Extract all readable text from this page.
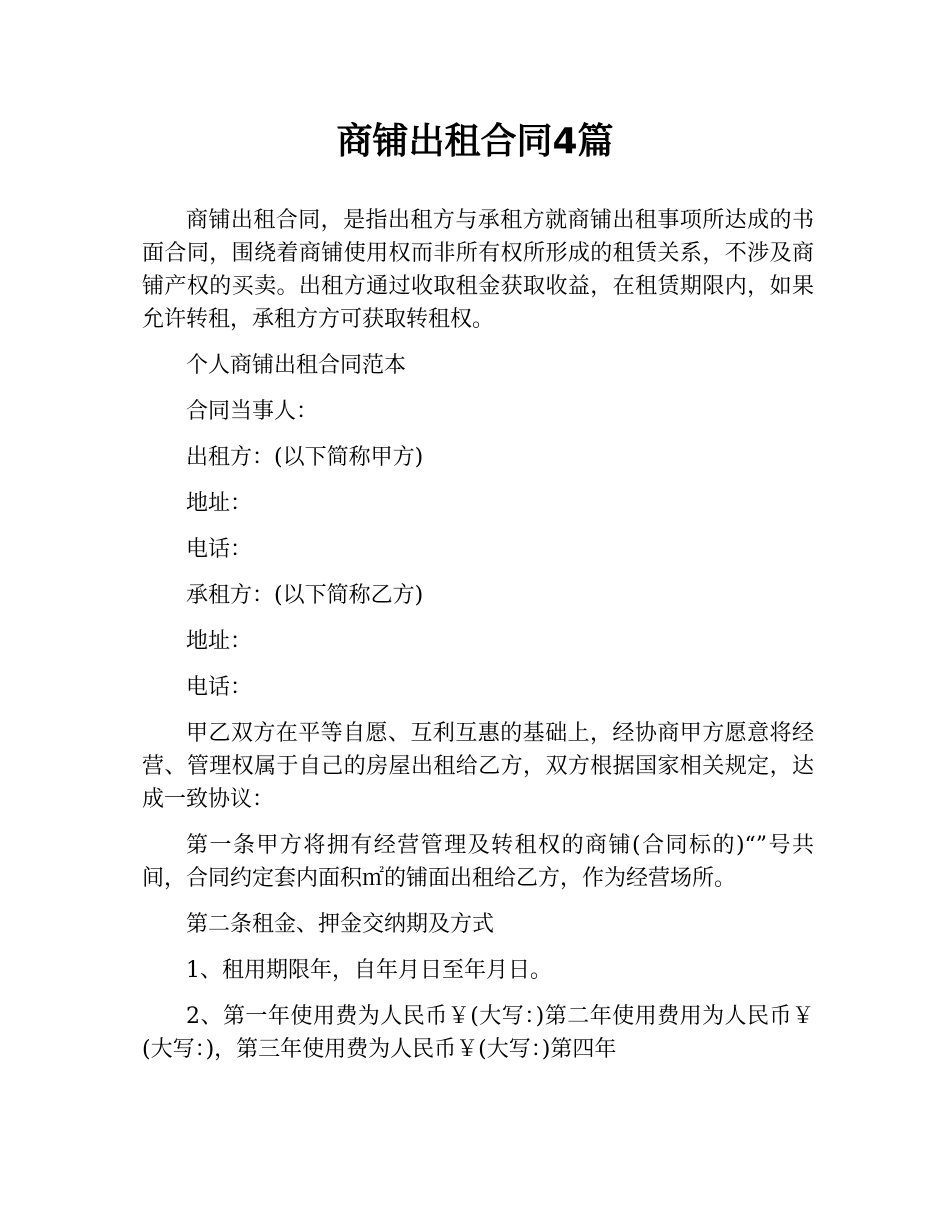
商铺出租合同4篇

商铺出租合同，是指出租方与承租方就商铺出租事项所达成的书面合同，围绕着商铺使用权而非所有权所形成的租赁关系，不涉及商铺产权的买卖。出租方通过收取租金获取收益，在租赁期限内，如果允许转租，承租方方可获取转租权。

个人商铺出租合同范本

合同当事人：

出租方：(以下简称甲方)

地址：

电话：

承租方：(以下简称乙方)

地址：

电话：

甲乙双方在平等自愿、互利互惠的基础上，经协商甲方愿意将经营、管理权属于自己的房屋出租给乙方，双方根据国家相关规定，达成一致协议：

第一条甲方将拥有经营管理及转租权的商铺(合同标的)“”号共间，合同约定套内面积㎡的铺面出租给乙方，作为经营场所。

第二条租金、押金交纳期及方式

1、租用期限年，自年月日至年月日。

2、第一年使用费为人民币￥(大写：)第二年使用费用为人民币￥(大写：)，第三年使用费为人民币￥(大写：)第四年
